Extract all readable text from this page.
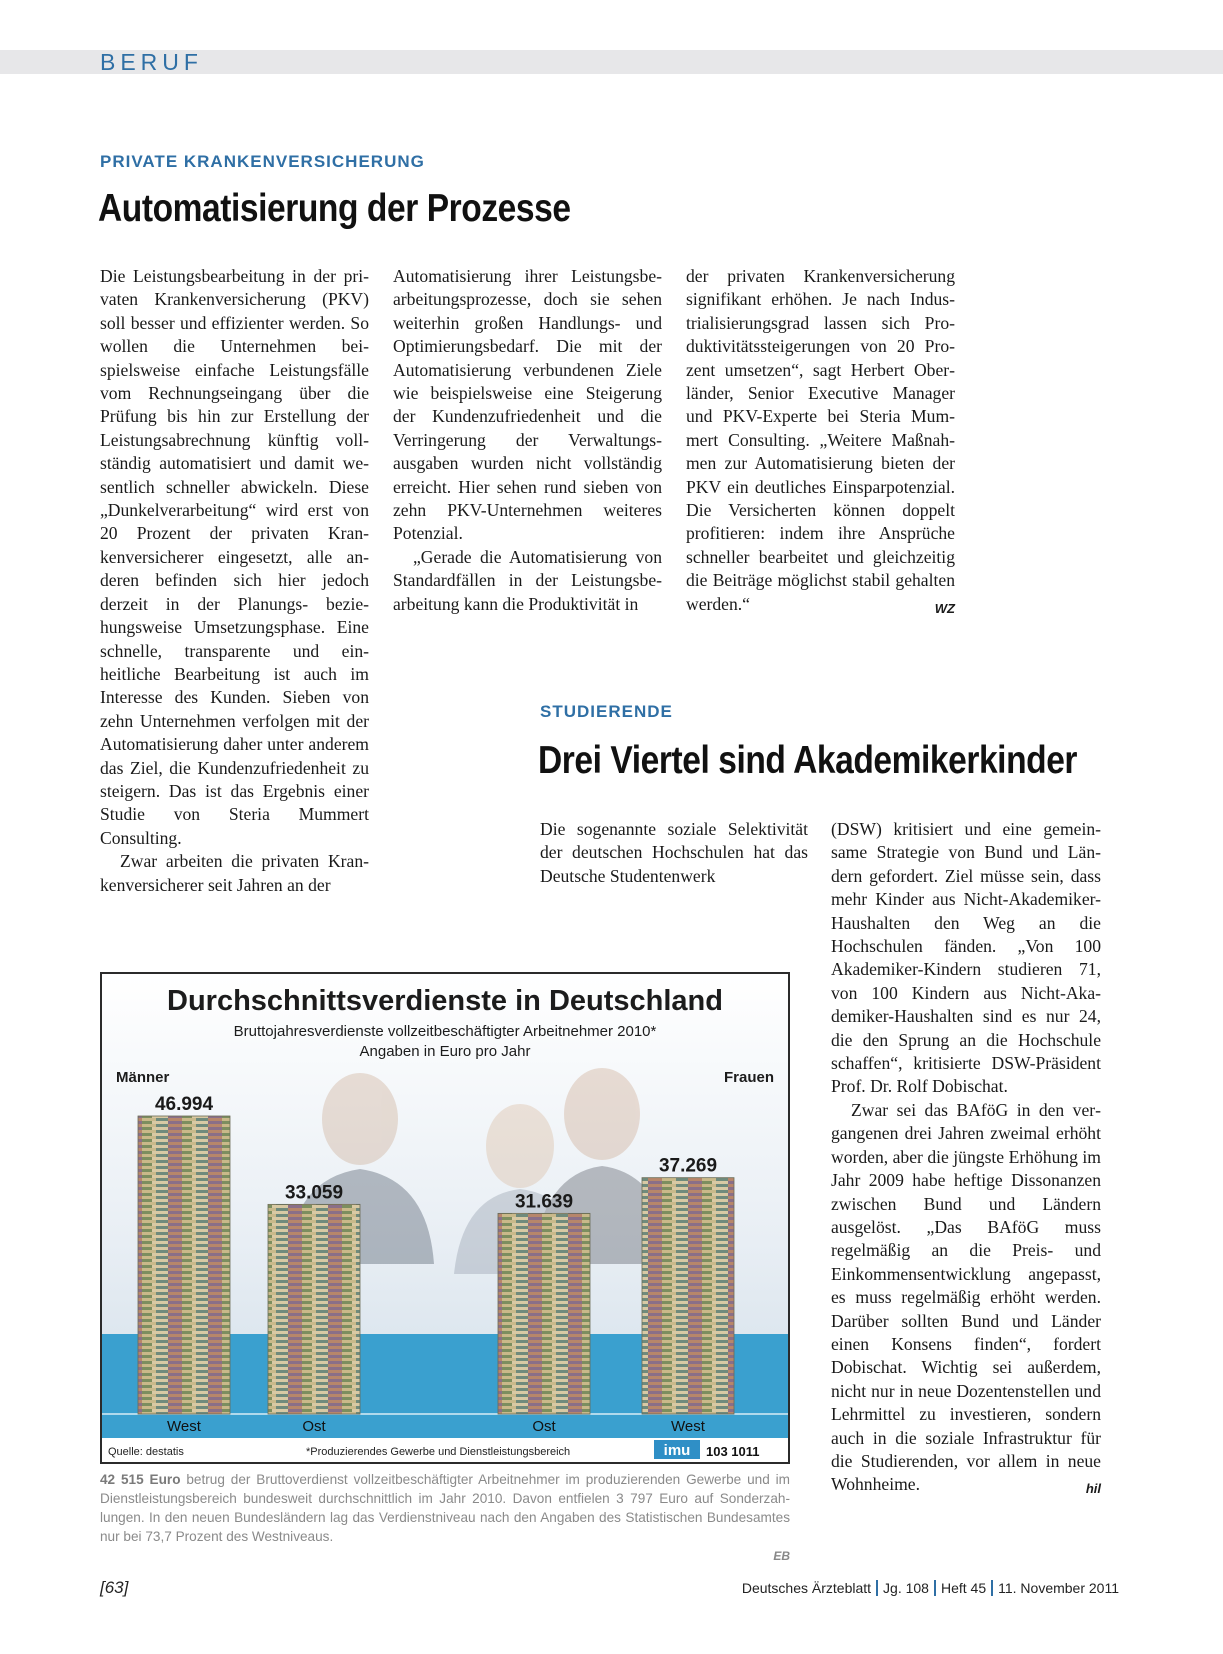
BERUF
PRIVATE KRANKENVERSICHERUNG
Automatisierung der Prozesse

Die Leistungsbearbeitung in der privaten Krankenversicherung (PKV) soll besser und effizienter werden. So wollen die Unternehmen beispielsweise einfache Leistungsfälle vom Rechnungseingang über die Prüfung bis hin zur Erstellung der Leistungsabrechnung künftig vollständig automatisiert und damit wesentlich schneller abwickeln. Diese „Dunkelverarbeitung“ wird erst von 20 Prozent der privaten Krankenversicherer eingesetzt, alle anderen befinden sich hier jedoch derzeit in der Planungs- beziehungsweise Umsetzungsphase. Eine schnelle, transparente und einheitliche Bearbeitung ist auch im Interesse des Kunden. Sieben von zehn Unternehmen verfolgen mit der Automatisierung daher unter anderem das Ziel, die Kundenzufriedenheit zu steigern. Das ist das Ergebnis einer Studie von Steria Mummert Consulting.

Zwar arbeiten die privaten Krankenversicherer seit Jahren an der

Automatisierung ihrer Leistungsbearbeitungsprozesse, doch sie sehen weiterhin großen Handlungs- und Optimierungsbedarf. Die mit der Automatisierung verbundenen Ziele wie beispielsweise eine Steigerung der Kundenzufriedenheit und die Verringerung der Verwaltungsausgaben wurden nicht vollständig erreicht. Hier sehen rund sieben von zehn PKV-Unternehmen weiteres Potenzial.

„Gerade die Automatisierung von Standardfällen in der Leistungsbearbeitung kann die Produktivität in

der privaten Krankenversicherung signifikant erhöhen. Je nach Industrialisierungsgrad lassen sich Produktivitätssteigerungen von 20 Prozent umsetzen“, sagt Herbert Oberländer, Senior Executive Manager und PKV-Experte bei Steria Mummert Consulting. „Weitere Maßnahmen zur Automatisierung bieten der PKV ein deutliches Einsparpotenzial. Die Versicherten können doppelt profitieren: indem ihre Ansprüche schneller bearbeitet und gleichzeitig die Beiträge möglichst stabil gehalten werden.“	WZ

STUDIERENDE
Drei Viertel sind Akademikerkinder

Die sogenannte soziale Selektivität der deutschen Hochschulen hat das Deutsche Studentenwerk

(DSW) kritisiert und eine gemeinsame Strategie von Bund und Ländern gefordert. Ziel müsse sein, dass mehr Kinder aus Nicht-Akademiker-Haushalten den Weg an die Hochschulen fänden. „Von 100 Akademiker-Kindern studieren 71, von 100 Kindern aus Nicht-Akademiker-Haushalten sind es nur 24, die den Sprung an die Hochschule schaffen“, kritisierte DSW-Präsident Prof. Dr. Rolf Dobischat.

Zwar sei das BAföG in den vergangenen drei Jahren zweimal erhöht worden, aber die jüngste Erhöhung im Jahr 2009 habe heftige Dissonanzen zwischen Bund und Ländern ausgelöst. „Das BAföG muss regelmäßig an die Preis- und Einkommensentwicklung angepasst, es muss regelmäßig erhöht werden. Darüber sollten Bund und Länder einen Konsens finden“, fordert Dobischat. Wichtig sei außerdem, nicht nur in neue Dozentenstellen und Lehrmittel zu investieren, sondern auch in die soziale Infrastruktur für die Studierenden, vor allem in neue Wohnheime.	hil

Durchschnittsverdienste in Deutschland
Bruttojahresverdienste vollzeitbeschäftigter Arbeitnehmer 2010*
Angaben in Euro pro Jahr
Männer	Frauen
46.994
West
33.059
Ost
31.639
Ost
37.269
West
Quelle: destatis	*Produzierendes Gewerbe und Dienstleistungsbereich	imu 103 1011
42 515 Euro betrug der Bruttoverdienst vollzeitbeschäftigter Arbeitnehmer im produzierenden Gewerbe und im Dienstleistungsbereich bundesweit durchschnittlich im Jahr 2010. Davon entfielen 3 797 Euro auf Sonderzahlungen. In den neuen Bundesländern lag das Verdienstniveau nach den Angaben des Statistischen Bundesamtes nur bei 73,7 Prozent des Westniveaus.
EB
[63]	Deutsches Ärzteblatt Jg. 108 Heft 45 11. November 2011
